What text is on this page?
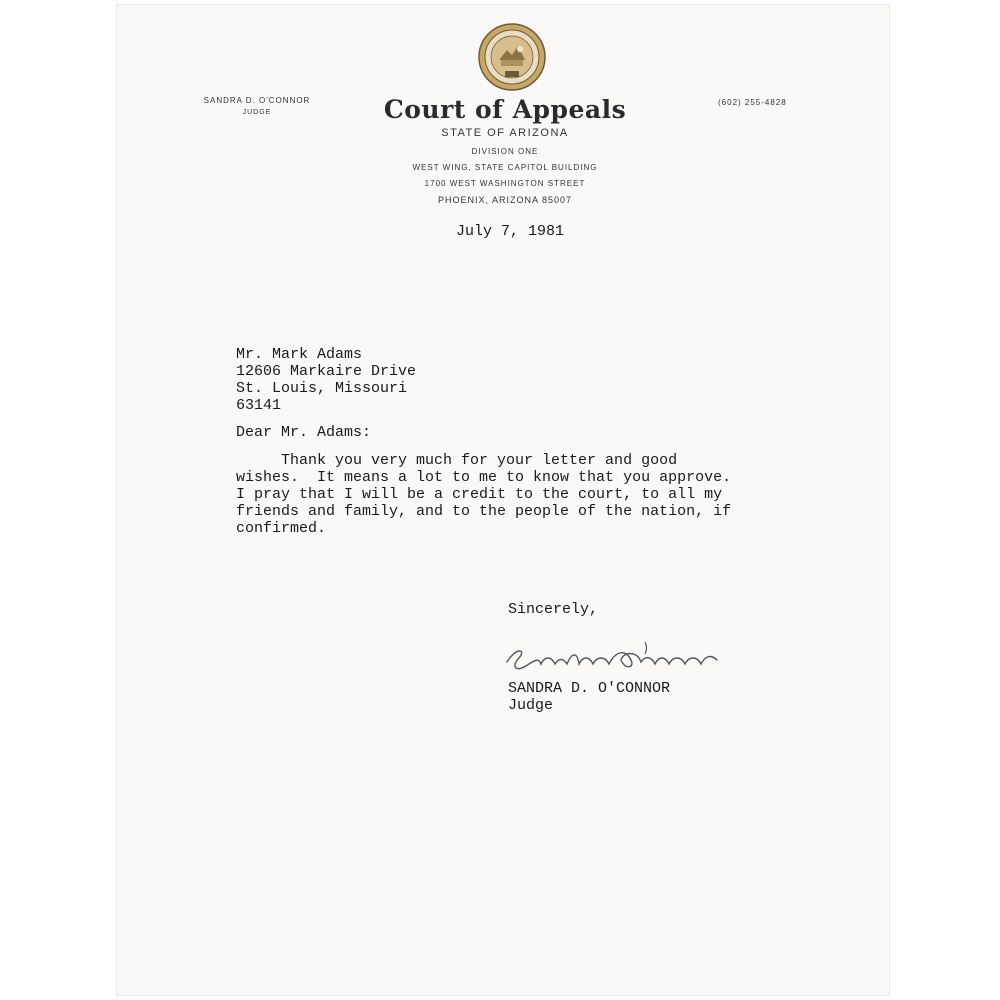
SANDRA D. O'CONNOR
JUDGE
(602) 255-4828
Court of Appeals
STATE OF ARIZONA
DIVISION ONE
WEST WING, STATE CAPITOL BUILDING
1700 WEST WASHINGTON STREET
PHOENIX, ARIZONA 85007
July 7, 1981
Mr. Mark Adams
12606 Markaire Drive
St. Louis, Missouri
63141
Dear Mr. Adams:
Thank you very much for your letter and good
wishes.  It means a lot to me to know that you approve.
I pray that I will be a credit to the court, to all my
friends and family, and to the people of the nation, if
confirmed.
Sincerely,
SANDRA D. O'CONNOR
Judge
